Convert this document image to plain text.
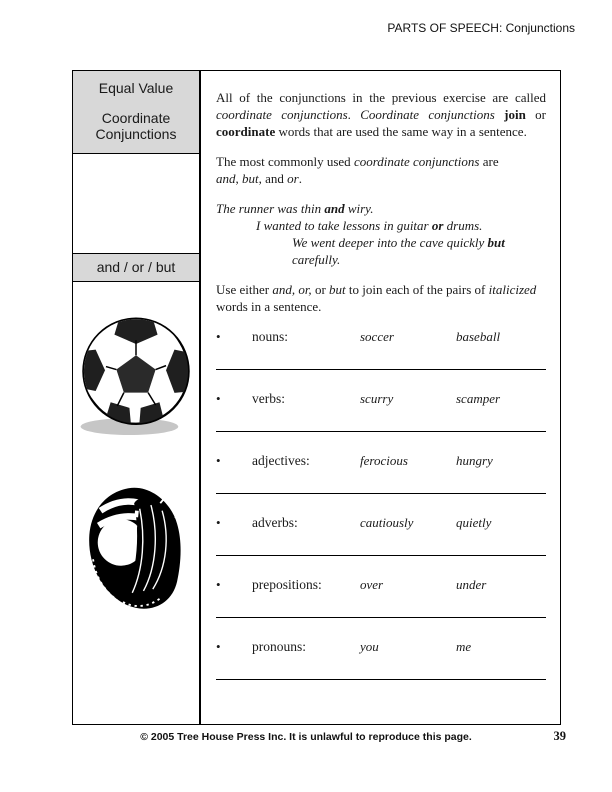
PARTS OF SPEECH: Conjunctions
Equal Value
Coordinate Conjunctions
and / or / but

All of the conjunctions in the previous exercise are called coordinate conjunctions. Coordinate conjunctions join or coordinate words that are used the same way in a sentence.

The most commonly used coordinate conjunctions are
and, but, and or.

The runner was thin and wiry.
I wanted to take lessons in guitar or drums.
We went deeper into the cave quickly but carefully.

Use either and, or, or but to join each of the pairs of italicized words in a sentence.

•	nouns:	soccer	baseball
•	verbs:	scurry	scamper
•	adjectives:	ferocious	hungry
•	adverbs:	cautiously	quietly
•	prepositions:	over	under
•	pronouns:	you	me
© 2005 Tree House Press Inc. It is unlawful to reproduce this page.	39
